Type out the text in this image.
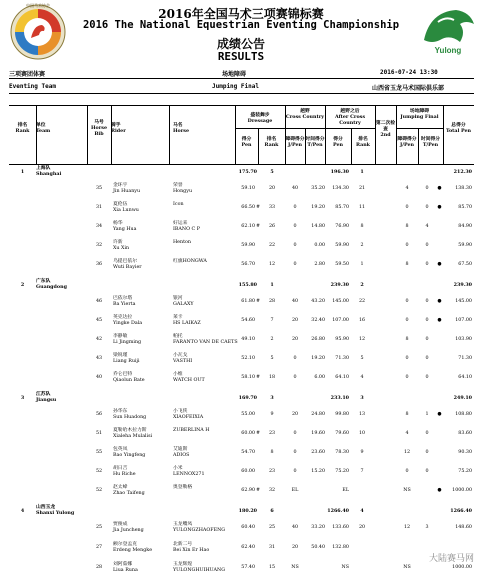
中国马术协会
Yulong
2016年全国马术三项赛锦标赛
2016 The National Equestrian Eventing Championship
成绩公告
RESULTS
三项赛团体赛	场地障碍	2016-07-24 13:30
Eventing Team	Jumping Final	山西省玉龙马术国际俱乐部
排名
Rank
单位
Team
马号
Horse Bib
骑手
Rider
马名
Horse
盛装舞步
Dressage
越野
Cross Country
越野之后
After Cross Country	第二次检查
2nd
场地障碍
Jumping Final
总得分
Total Pen
得分
Pen
排名
Rank
障碍得分
J/Pen
时间得分
T/Pen
得分
Pen
排名
Rank
障碍得分
J/Pen
时间得分
T/Pen
1
上海队
Shanghai	175.70	5	196.30	1	212.30
35
金环宇
Jin Huanyu
荣誉
Hongyu
59.10	20	40	35.20	134.30	21	4	0	●	138.30
31
夏伦伍
Xia Lunwu
Icon
66.50 #	33	0	19.20	85.70	11	0	0	●	85.70
34
杨华
Yang Hua
好运来
IBANO C P
62.10 #	26	0	14.80	76.90	8	8	4	84.90
32
许新
Xu Xin
Henton
59.90	22	0	0.00	59.90	2	0	0	59.90
36
乌提巴依尔
Wuti Bayier
红旗HONGWA
56.70	12	0	2.80	59.50	1	8	0	●	67.50
2
广东队
Guangdong	155.80	1	239.30	2	239.30
46
巴依尔塔
Ba Yierta
银河
GALAXY
61.80 #	28	40	43.20	145.00	22	0	0	●	145.00
45
英克达拉
Yingke Dala
莱卡
HS LAIKAZ
54.60	7	20	32.40	107.00	16	0	0	●	107.00
42
李静敏
Li Jingming
帕托
FARANTO VAN DE CAETS
49.10	2	20	26.80	95.90	12	8	0	103.90
43
梁锐瑾
Liang Ruiji
小瓦戈
VASTHI
52.10	5	0	19.20	71.30	5	0	0	71.30
40
乔仑巴特
Qiaolun Bate
小维
WATCH OUT
58.10 #	18	0	6.00	64.10	4	0	0	64.10
3
江苏队
Jiangsu	169.70	3	233.10	3	249.10
56
孙华东
Sun Huadong
小飞侠
XIAOFEIXIA
55.00	9	20	24.80	99.80	13	8	1	●	108.80
51
夏勒哈木拉力斯
Xialeha Mulalisi
ZUBERLINA H
60.00 #	23	0	19.60	79.60	10	4	0	83.60
55
包英凤
Bao Yingfeng
艾迪斯
ADIOS
54.70	8	0	23.60	78.30	9	12	0	90.30
52
胡日吉
Hu Riche
小米
LENNOX271
60.00	23	0	15.20	75.20	7	0	0	75.20
52
赵太峰
Zhao Taifeng
奥登勒格
62.90 #	32	EL	EL	NS	●	1000.00
4
山西玉龙
Shanxi Yulong	180.20	6	1266.40	4	1266.40
25
贾俊成
Jia Juncheng
玉龙嘴凤
YULONGZHAOFENG
60.40	25	40	33.20	133.60	20	12	3	148.60
27
额尔登孟克
Erdeng Mengke
北新二号
Bei Xin Er Hao
62.40	31	20	50.40	132.80
28
刘阿茹娜
Liua Runa
玉龙辉煌
YULONGHUIHUANG
57.40	15	NS	NS	NS	1000.00
大陆赛马网
